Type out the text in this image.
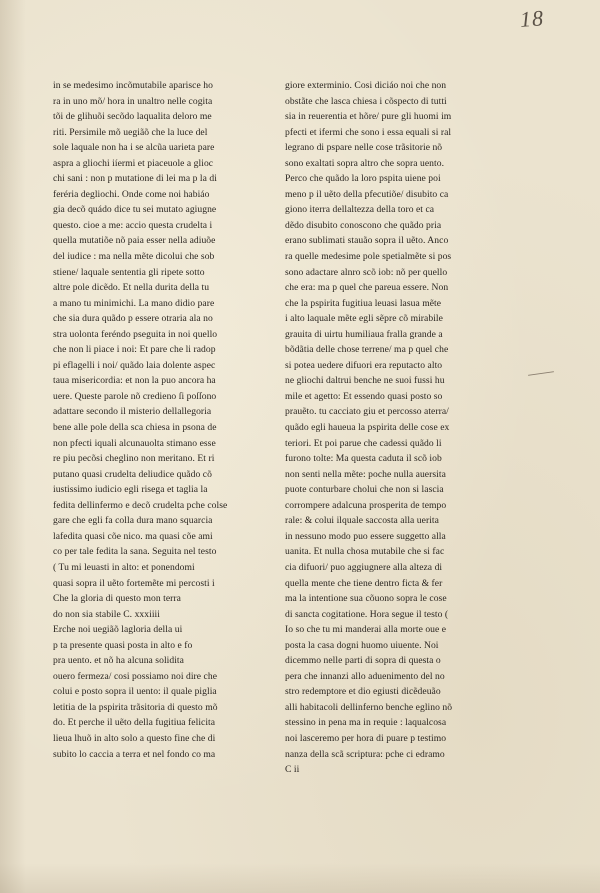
18
in se medesimo incõmutabile aparisce ho
ra in uno mõ/ hora in unaltro nelle cogita
tõi de glihuõi secõdo laqualita deloro me
riti. Persimile mõ uegiãõ che la luce del
sole laquale non ha i se alcũa uarieta pare
aspra a gliochi iíermi et piaceuole a glioc
chi sani : non p mutatione di lei ma p la di
feréria degliochi. Onde come noi habiáo
gia decõ quádo dice tu sei mutato agiugne
questo. cioe a me: accio questa crudelta i
quella mutatiõe nõ paia esser nella adiuõe
del iudice : ma nella mẽte dicolui che sob
stiene/ laquale sententia gli ripete sotto
altre pole dicẽdo. Et nella durita della tu
a mano tu minimichi. La mano didio pare
che sia dura quãdo p essere otraria ala no
stra uolonta feréndo pseguita in noi quello
che non li piace i noi: Et pare che li radop
pi eflagelli i noi/ quãdo laia dolente aspec
taua misericordia: et non la puo ancora ha
uere. Queste parole nõ credieno ſi poſſono
adattare secondo il misterio dellallegoria
bene alle pole della sca chiesa in psona de
non pfecti iquali alcunauolta stimano esse
re piu pecõsi cheglino non meritano. Et ri
putano quasi crudelta deliudice quãdo cõ
iustissimo iudicio egli risega et taglia la
fedita dellinfermo e decõ crudelta pche colse
gare che egli fa colla dura mano squarcia
lafedita quasi cõe nico. ma quasi cõe ami
co per tale fedita la sana. Seguita nel testo
( Tu mi leuasti in alto: et ponendomi
quasi sopra il uẽto fortemẽte mi percosti i
Che la gloria di questo mon terra
do non sia stabile C. xxxiiii
Erche noi uegiãõ lagloria della ui
p ta presente quasi posta in alto e fo
pra uento. et nõ ha alcuna solidita
ouero fermeza/ cosi possiamo noi dire che
colui e posto sopra il uento: il quale piglia
letitia de la pspirita trãsitoria di questo mõ
do. Et perche il uẽto della fugitiua felicita
lieua lhuõ in alto solo a questo fine che di
subito lo caccia a terra et nel fondo co ma
giore exterminio. Cosi diciáo noi che non
obstãte che lasca chiesa i cõspecto di tutti
sia in reuerentia et hõre/ pure gli huomi im
pfecti et ifermi che sono i essa equali si ral
legrano di pspare nelle cose trãsitorie nõ
sono exaltati sopra altro che sopra uento.
Perco che quãdo la loro pspita uiene poi
meno p il uẽto della pfecutiõe/ disubito ca
giono iterra dellaltezza della toro et ca
dẽdo disubito conoscono che quãdo pria
erano sublimati stauão sopra il uẽto. Anco
ra quelle medesime pole spetialmẽte si pos
sono adactare alnro scõ iob: nõ per quello
che era: ma p quel che pareua essere. Non
che la pspirita fugitiua leuasi lasua mẽte
i alto laquale mẽte egli sẽpre cõ mirabile
grauita di uirtu humiliaua fralla grande a
bõdãtia delle chose terrene/ ma p quel che
si potea uedere difuori era reputacto alto
ne gliochi daltrui benche ne suoi fussi hu
mile et agetto: Et essendo quasi posto so
prauẽto. tu cacciato giu et percosso aterra/
quãdo egli haueua la pspirita delle cose ex
teriori. Et poi parue che cadessi quãdo li
furono tolte: Ma questa caduta il scõ iob
non senti nella mẽte: poche nulla auersita
puote conturbare cholui che non si lascia
corrompere adalcuna prosperita de tempo
rale: & colui ilquale saccosta alla uerita
in nessuno modo puo essere suggetto alla
uanita. Et nulla chosa mutabile che si fac
cia difuori/ puo aggiugnere alla alteza di
quella mente che tiene dentro ficta & fer
ma la intentione sua cõuono sopra le cose
di sancta cogitatione. Hora segue il testo (
Io so che tu mi manderai alla morte oue e
posta la casa dogni huomo uiuente. Noi
dicemmo nelle parti di sopra di questa o
pera che innanzi allo aduenimento del no
stro redemptore et dio egiusti dicẽdeuão
alli habitacoli dellinferno benche eglino nõ
stessino in pena ma in requie : laqualcosa
noi lasceremo per hora di puare p testimo
nanza della scã scriptura: pche ci edramo
C ii
